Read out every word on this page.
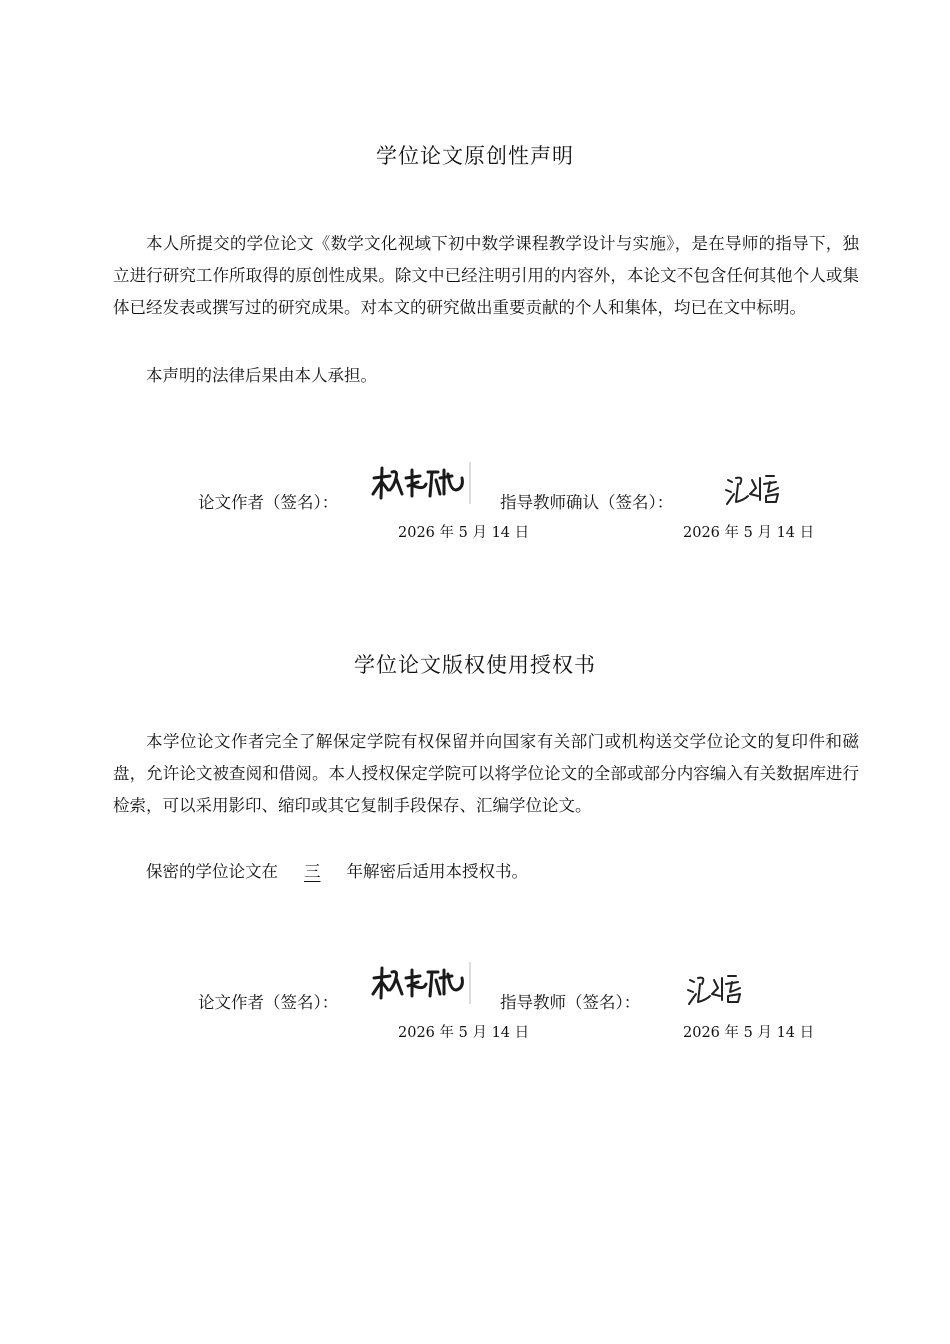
学位论文原创性声明

本人所提交的学位论文《数学文化视域下初中数学课程教学设计与实施》，是在导师的指导下，独立进行研究工作所取得的原创性成果。除文中已经注明引用的内容外，本论文不包含任何其他个人或集体已经发表或撰写过的研究成果。对本文的研究做出重要贡献的个人和集体，均已在文中标明。

本声明的法律后果由本人承担。
论文作者（签名）：	指导教师确认（签名）：
2026 年 5 月 14 日	2026 年 5 月 14 日
学位论文版权使用授权书

本学位论文作者完全了解保定学院有权保留并向国家有关部门或机构送交学位论文的复印件和磁盘，允许论文被查阅和借阅。本人授权保定学院可以将学位论文的全部或部分内容编入有关数据库进行检索，可以采用影印、缩印或其它复制手段保存、汇编学位论文。

保密的学位论文在 三 年解密后适用本授权书。
论文作者（签名）：	指导教师（签名）：
2026 年 5 月 14 日	2026 年 5 月 14 日
